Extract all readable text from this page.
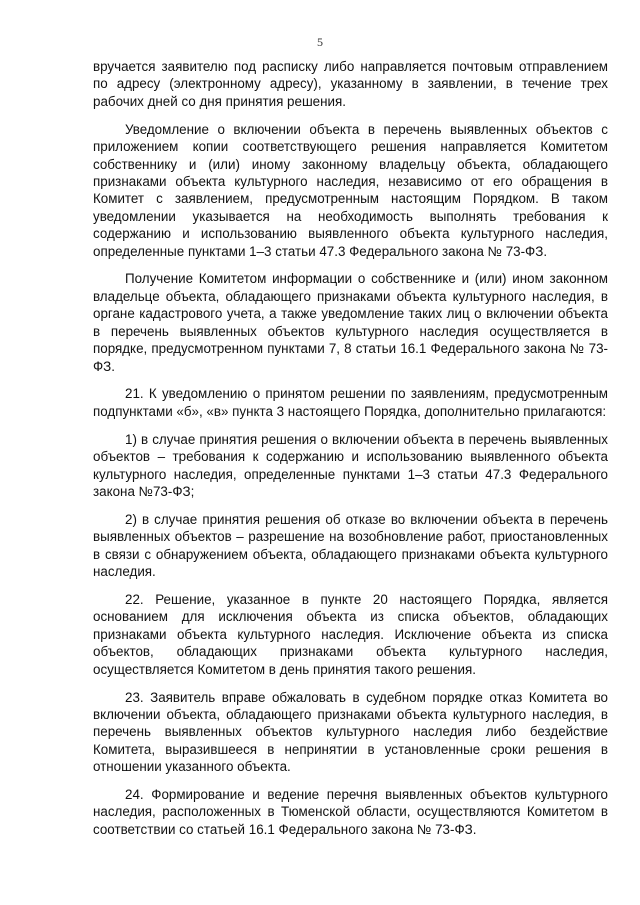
5

вручается заявителю под расписку либо направляется почтовым отправлением по адресу (электронному адресу), указанному в заявлении, в течение трех рабочих дней со дня принятия решения.

Уведомление о включении объекта в перечень выявленных объектов с приложением копии соответствующего решения направляется Комитетом собственнику и (или) иному законному владельцу объекта, обладающего признаками объекта культурного наследия, независимо от его обращения в Комитет с заявлением, предусмотренным настоящим Порядком. В таком уведомлении указывается на необходимость выполнять требования к содержанию и использованию выявленного объекта культурного наследия, определенные пунктами 1–3 статьи 47.3 Федерального закона № 73-ФЗ.

Получение Комитетом информации о собственнике и (или) ином законном владельце объекта, обладающего признаками объекта культурного наследия, в органе кадастрового учета, а также уведомление таких лиц о включении объекта в перечень выявленных объектов культурного наследия осуществляется в порядке, предусмотренном пунктами 7, 8 статьи 16.1 Федерального закона № 73-ФЗ.

21. К уведомлению о принятом решении по заявлениям, предусмотренным подпунктами «б», «в» пункта 3 настоящего Порядка, дополнительно прилагаются:

1) в случае принятия решения о включении объекта в перечень выявленных объектов – требования к содержанию и использованию выявленного объекта культурного наследия, определенные пунктами 1–3 статьи 47.3 Федерального закона №73-ФЗ;

2) в случае принятия решения об отказе во включении объекта в перечень выявленных объектов – разрешение на возобновление работ, приостановленных в связи с обнаружением объекта, обладающего признаками объекта культурного наследия.

22. Решение, указанное в пункте 20 настоящего Порядка, является основанием для исключения объекта из списка объектов, обладающих признаками объекта культурного наследия. Исключение объекта из списка объектов, обладающих признаками объекта культурного наследия, осуществляется Комитетом в день принятия такого решения.

23. Заявитель вправе обжаловать в судебном порядке отказ Комитета во включении объекта, обладающего признаками объекта культурного наследия, в перечень выявленных объектов культурного наследия либо бездействие Комитета, выразившееся в непринятии в установленные сроки решения в отношении указанного объекта.

24. Формирование и ведение перечня выявленных объектов культурного наследия, расположенных в Тюменской области, осуществляются Комитетом в соответствии со статьей 16.1 Федерального закона № 73-ФЗ.
